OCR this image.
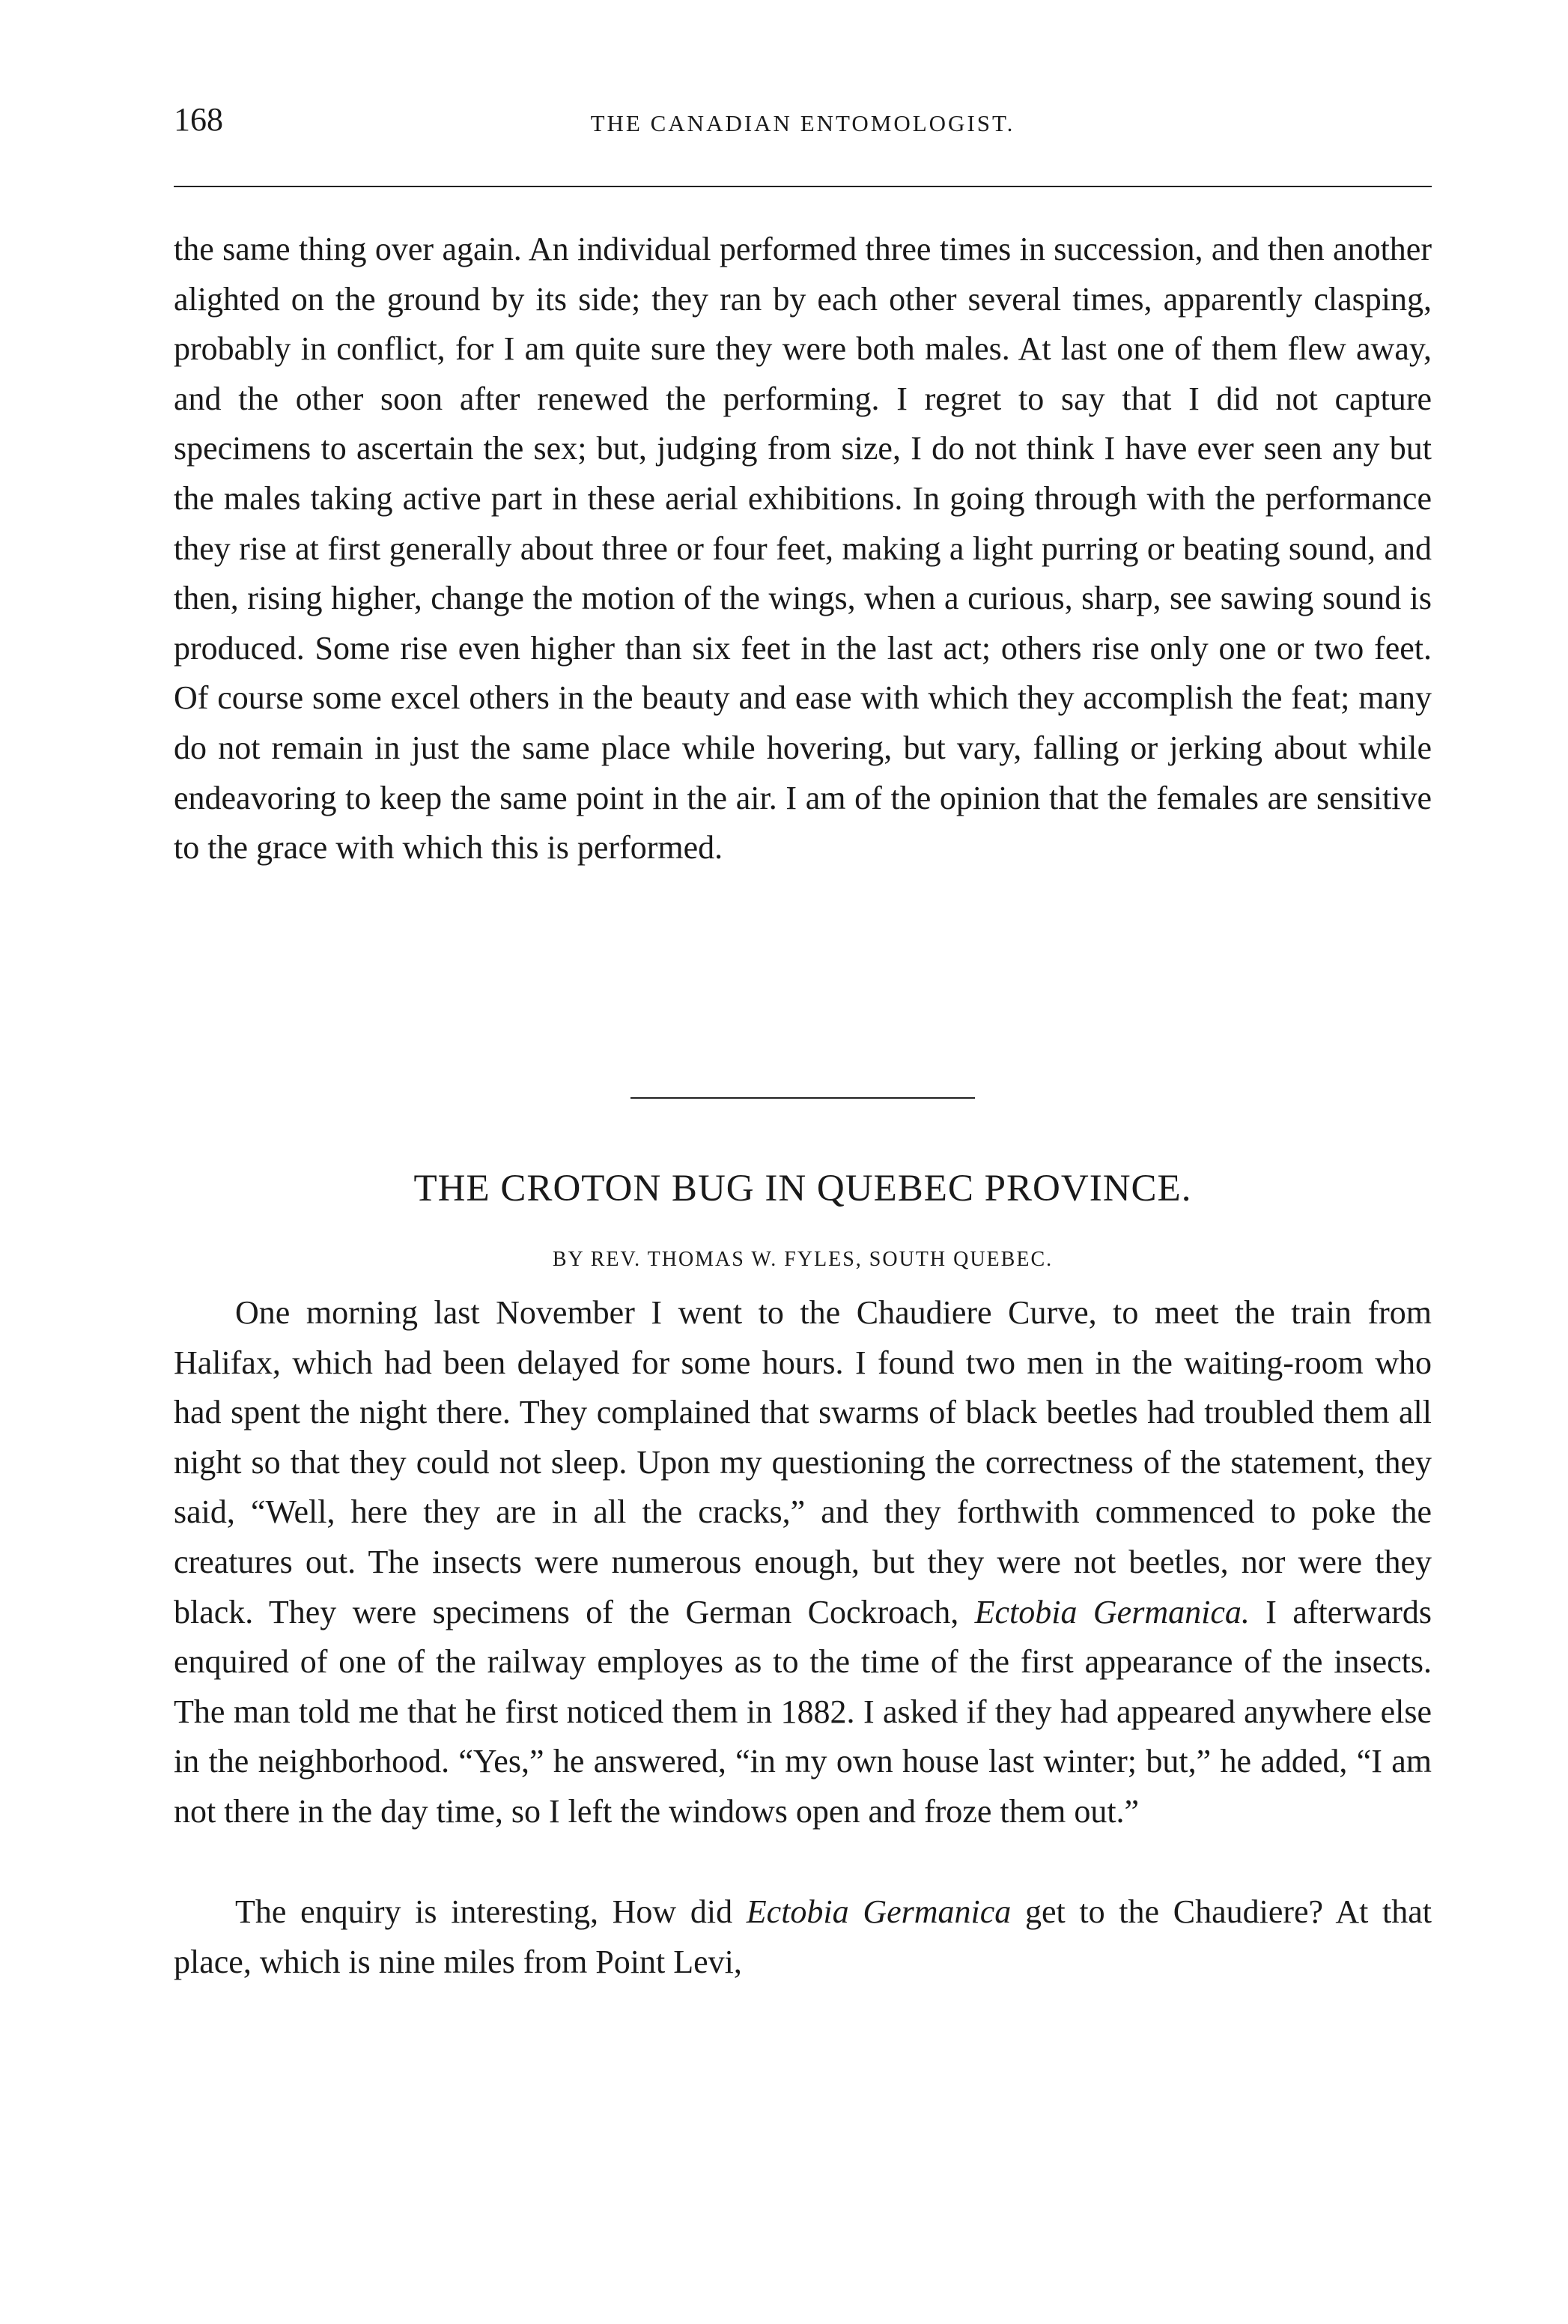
168	THE CANADIAN ENTOMOLOGIST.

the same thing over again. An individual performed three times in succession, and then another alighted on the ground by its side; they ran by each other several times, apparently clasping, probably in conflict, for I am quite sure they were both males. At last one of them flew away, and the other soon after renewed the performing. I regret to say that I did not capture specimens to ascertain the sex; but, judging from size, I do not think I have ever seen any but the males taking active part in these aerial exhibitions. In going through with the performance they rise at first generally about three or four feet, making a light purring or beating sound, and then, rising higher, change the motion of the wings, when a curious, sharp, see sawing sound is produced. Some rise even higher than six feet in the last act; others rise only one or two feet. Of course some excel others in the beauty and ease with which they accomplish the feat; many do not remain in just the same place while hovering, but vary, falling or jerking about while endeavoring to keep the same point in the air. I am of the opinion that the females are sensitive to the grace with which this is performed.

THE CROTON BUG IN QUEBEC PROVINCE.
BY REV. THOMAS W. FYLES, SOUTH QUEBEC.

One morning last November I went to the Chaudiere Curve, to meet the train from Halifax, which had been delayed for some hours. I found two men in the waiting-room who had spent the night there. They complained that swarms of black beetles had troubled them all night so that they could not sleep. Upon my questioning the correctness of the statement, they said, “Well, here they are in all the cracks,” and they forthwith commenced to poke the creatures out. The insects were numerous enough, but they were not beetles, nor were they black. They were specimens of the German Cockroach, Ectobia Germanica. I afterwards enquired of one of the railway employes as to the time of the first appearance of the insects. The man told me that he first noticed them in 1882. I asked if they had appeared anywhere else in the neighborhood. “Yes,” he answered, “in my own house last winter; but,” he added, “I am not there in the day time, so I left the windows open and froze them out.”

The enquiry is interesting, How did Ectobia Germanica get to the Chaudiere? At that place, which is nine miles from Point Levi,
